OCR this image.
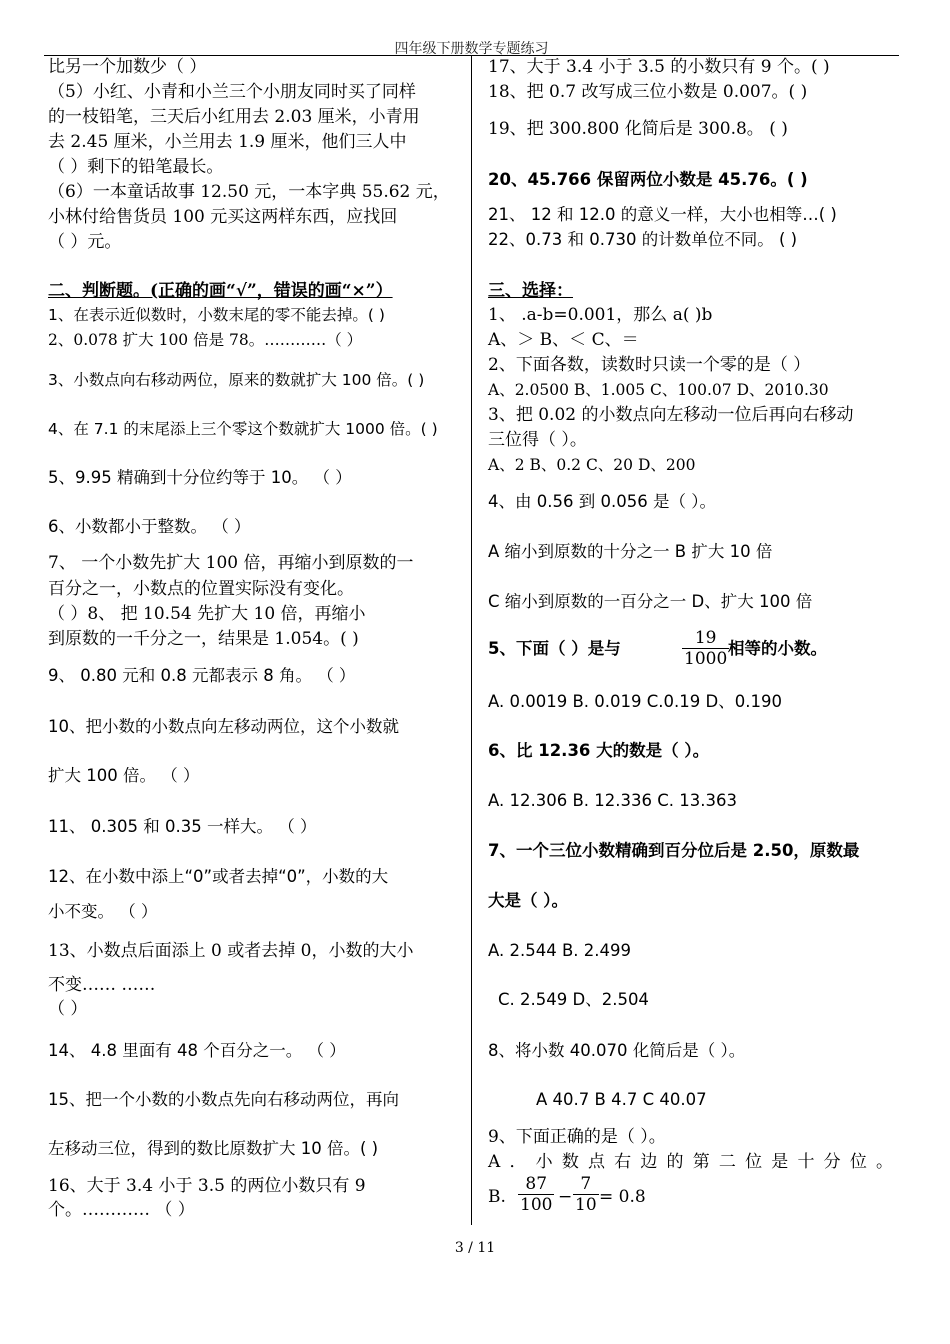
四年级下册数学专题练习
比另一个加数少（ ）
（5）小红、小青和小兰三个小朋友同时买了同样
的一枝铅笔，三天后小红用去 2.03 厘米，小青用
去 2.45 厘米，小兰用去 1.9 厘米，他们三人中
（ ）剩下的铅笔最长。
（6）一本童话故事 12.50 元，一本字典 55.62 元，
小林付给售货员 100 元买这两样东西，应找回
（ ）元。
二、判断题。(正确的画“√”，错误的画“×”）
1、在表示近似数时，小数末尾的零不能去掉。( )
2、0.078 扩大 100 倍是 78。…………（ ）
3、小数点向右移动两位，原来的数就扩大 100 倍。( )
4、在 7.1 的末尾添上三个零这个数就扩大 1000 倍。( )
5、9.95 精确到十分位约等于 10。 （ ）
6、小数都小于整数。 （ ）
7、 一个小数先扩大 100 倍，再缩小到原数的一
百分之一，小数点的位置实际没有变化。
（ ）8、 把 10.54 先扩大 10 倍，再缩小
到原数的一千分之一，结果是 1.054。( )
9、 0.80 元和 0.8 元都表示 8 角。 （ ）
10、把小数的小数点向左移动两位，这个小数就
扩大 100 倍。 （ ）
11、 0.305 和 0.35 一样大。 （ ）
12、在小数中添上“0”或者去掉“0”，小数的大
小不变。 （ ）
13、小数点后面添上 0 或者去掉 0，小数的大小
不变…… ……
（ ）
14、 4.8 里面有 48 个百分之一。 （ ）
15、把一个小数的小数点先向右移动两位，再向
左移动三位，得到的数比原数扩大 10 倍。( )
16、大于 3.4 小于 3.5 的两位小数只有 9
个。………… （ ）
17、大于 3.4 小于 3.5 的小数只有 9 个。( )
18、把 0.7 改写成三位小数是 0.007。( )
19、把 300.800 化简后是 300.8。 ( )
20、45.766 保留两位小数是 45.76。( )
21、 12 和 12.0 的意义一样，大小也相等…( )
22、0.73 和 0.730 的计数单位不同。 ( )
三、选择：
1、 .a-b=0.001，那么 a( )b
A、＞ B、＜ C、＝
2、下面各数，读数时只读一个零的是（ ）
A、2.0500 B、1.005 C、100.07 D、2010.30
3、把 0.02 的小数点向左移动一位后再向右移动
三位得（ ）。
A、2 B、0.2 C、20 D、200
4、由 0.56 到 0.056 是（ ）。
A 缩小到原数的十分之一 B 扩大 10 倍
C 缩小到原数的一百分之一 D、扩大 100 倍
5、下面（ ）是与	$\frac{19}{1000}$
相等的小数。
A. 0.0019 B. 0.019 C.0.19 D、0.190
6、比 12.36 大的数是（ ）。
A. 12.306 B. 12.336 C. 13.363
7、一个三位小数精确到百分位后是 2.50，原数最
大是（ ）。
A. 2.544 B. 2.499
C. 2.549 D、2.504
8、将小数 40.070 化简后是（ ）。
A 40.7 B 4.7 C 40.07
9、下面正确的是（ ）。
A．小数点右边的第二位是十分位。
B. $\frac{87}{100} - \frac{7}{10} = 0.8$
3 / 11
